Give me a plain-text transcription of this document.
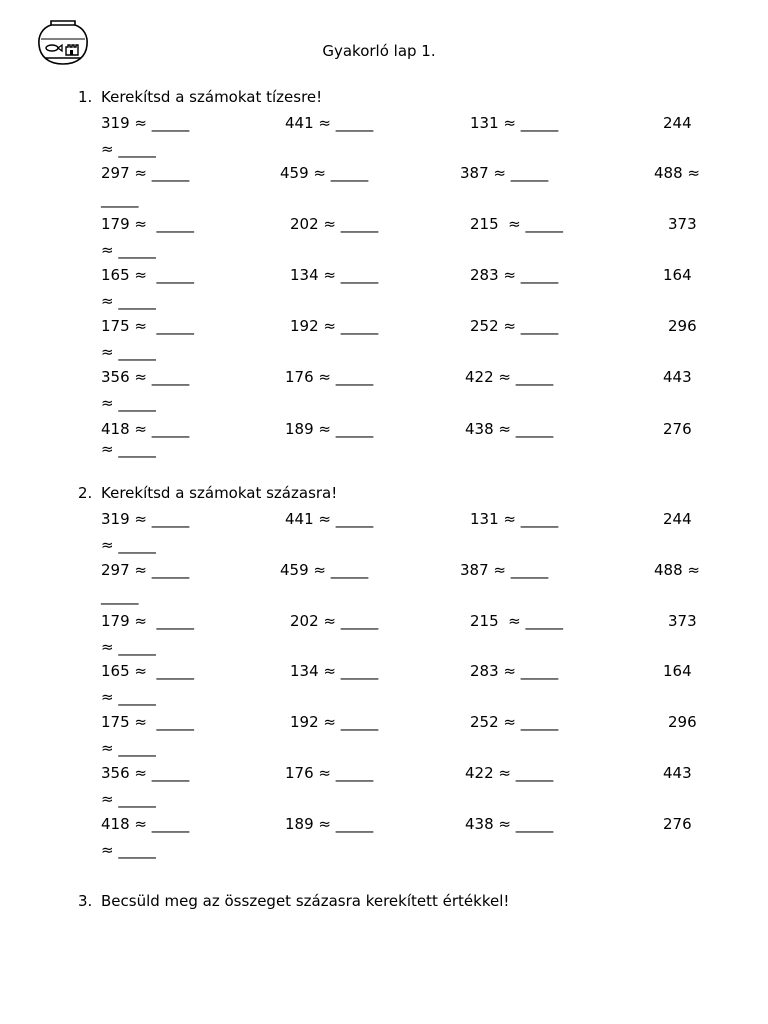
Gyakorló lap 1.
1. Kerekítsd a számokat tízesre!
319 ≈ _____	441 ≈ _____	131 ≈ _____	244
≈ _____
297 ≈ _____	459 ≈ _____	387 ≈ _____	488 ≈
_____
179 ≈  _____	202 ≈ _____	215  ≈ _____	373
≈ _____
165 ≈  _____	134 ≈ _____	283 ≈ _____	164
≈ _____
175 ≈  _____	192 ≈ _____	252 ≈ _____	296
≈ _____
356 ≈ _____	176 ≈ _____	422 ≈ _____	443
≈ _____
418 ≈ _____	189 ≈ _____	438 ≈ _____	276
≈ _____
2. Kerekítsd a számokat százasra!
319 ≈ _____	441 ≈ _____	131 ≈ _____	244
≈ _____
297 ≈ _____	459 ≈ _____	387 ≈ _____	488 ≈
_____
179 ≈  _____	202 ≈ _____	215  ≈ _____	373
≈ _____
165 ≈  _____	134 ≈ _____	283 ≈ _____	164
≈ _____
175 ≈  _____	192 ≈ _____	252 ≈ _____	296
≈ _____
356 ≈ _____	176 ≈ _____	422 ≈ _____	443
≈ _____
418 ≈ _____	189 ≈ _____	438 ≈ _____	276
≈ _____
3. Becsüld meg az összeget százasra kerekített értékkel!
